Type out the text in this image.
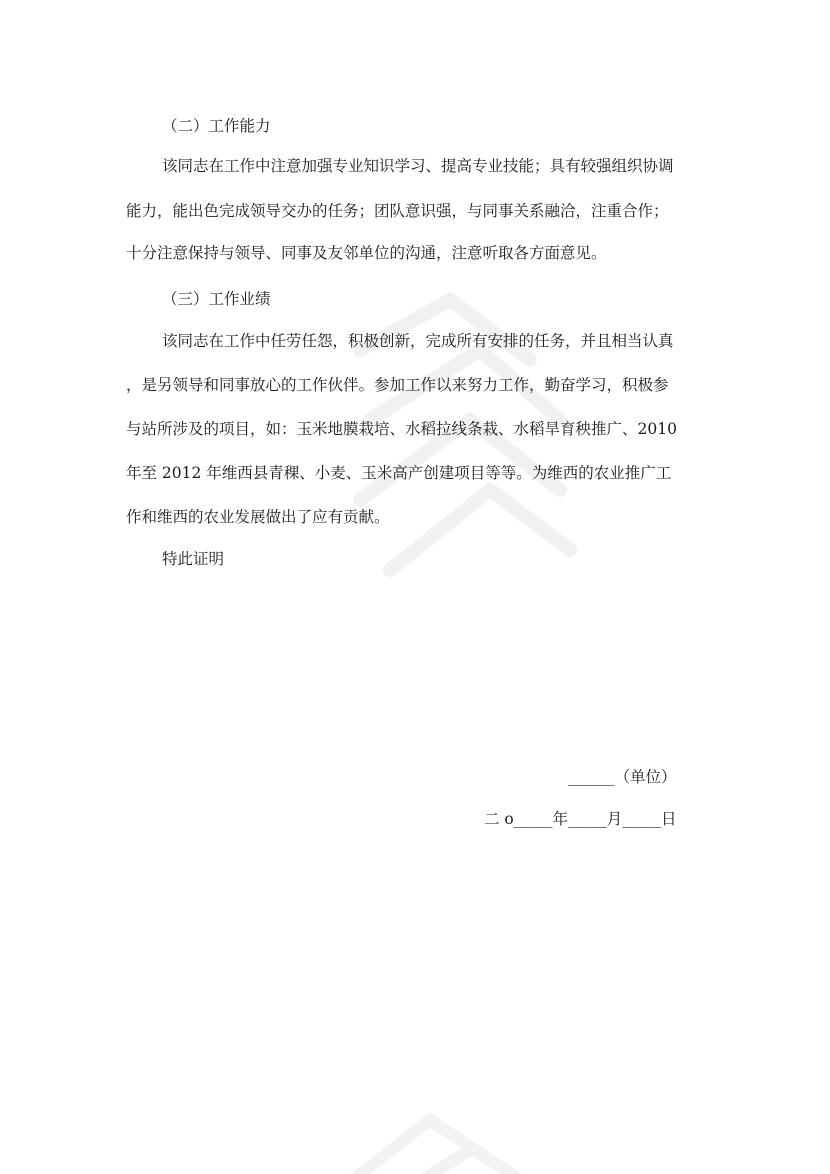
（二）工作能力
该同志在工作中注意加强专业知识学习、提高专业技能；具有较强组织协调
能力，能出色完成领导交办的任务；团队意识强，与同事关系融洽，注重合作；
十分注意保持与领导、同事及友邻单位的沟通，注意听取各方面意见。
（三）工作业绩
该同志在工作中任劳任怨，积极创新，完成所有安排的任务，并且相当认真
，是另领导和同事放心的工作伙伴。参加工作以来努力工作，勤奋学习，积极参
与站所涉及的项目，如：玉米地膜栽培、水稻拉线条栽、水稻旱育秧推广、2010
年至 2012 年维西县青稞、小麦、玉米高产创建项目等等。为维西的农业推广工
作和维西的农业发展做出了应有贡献。
特此证明
______（单位）
二 o_____年_____月_____日
